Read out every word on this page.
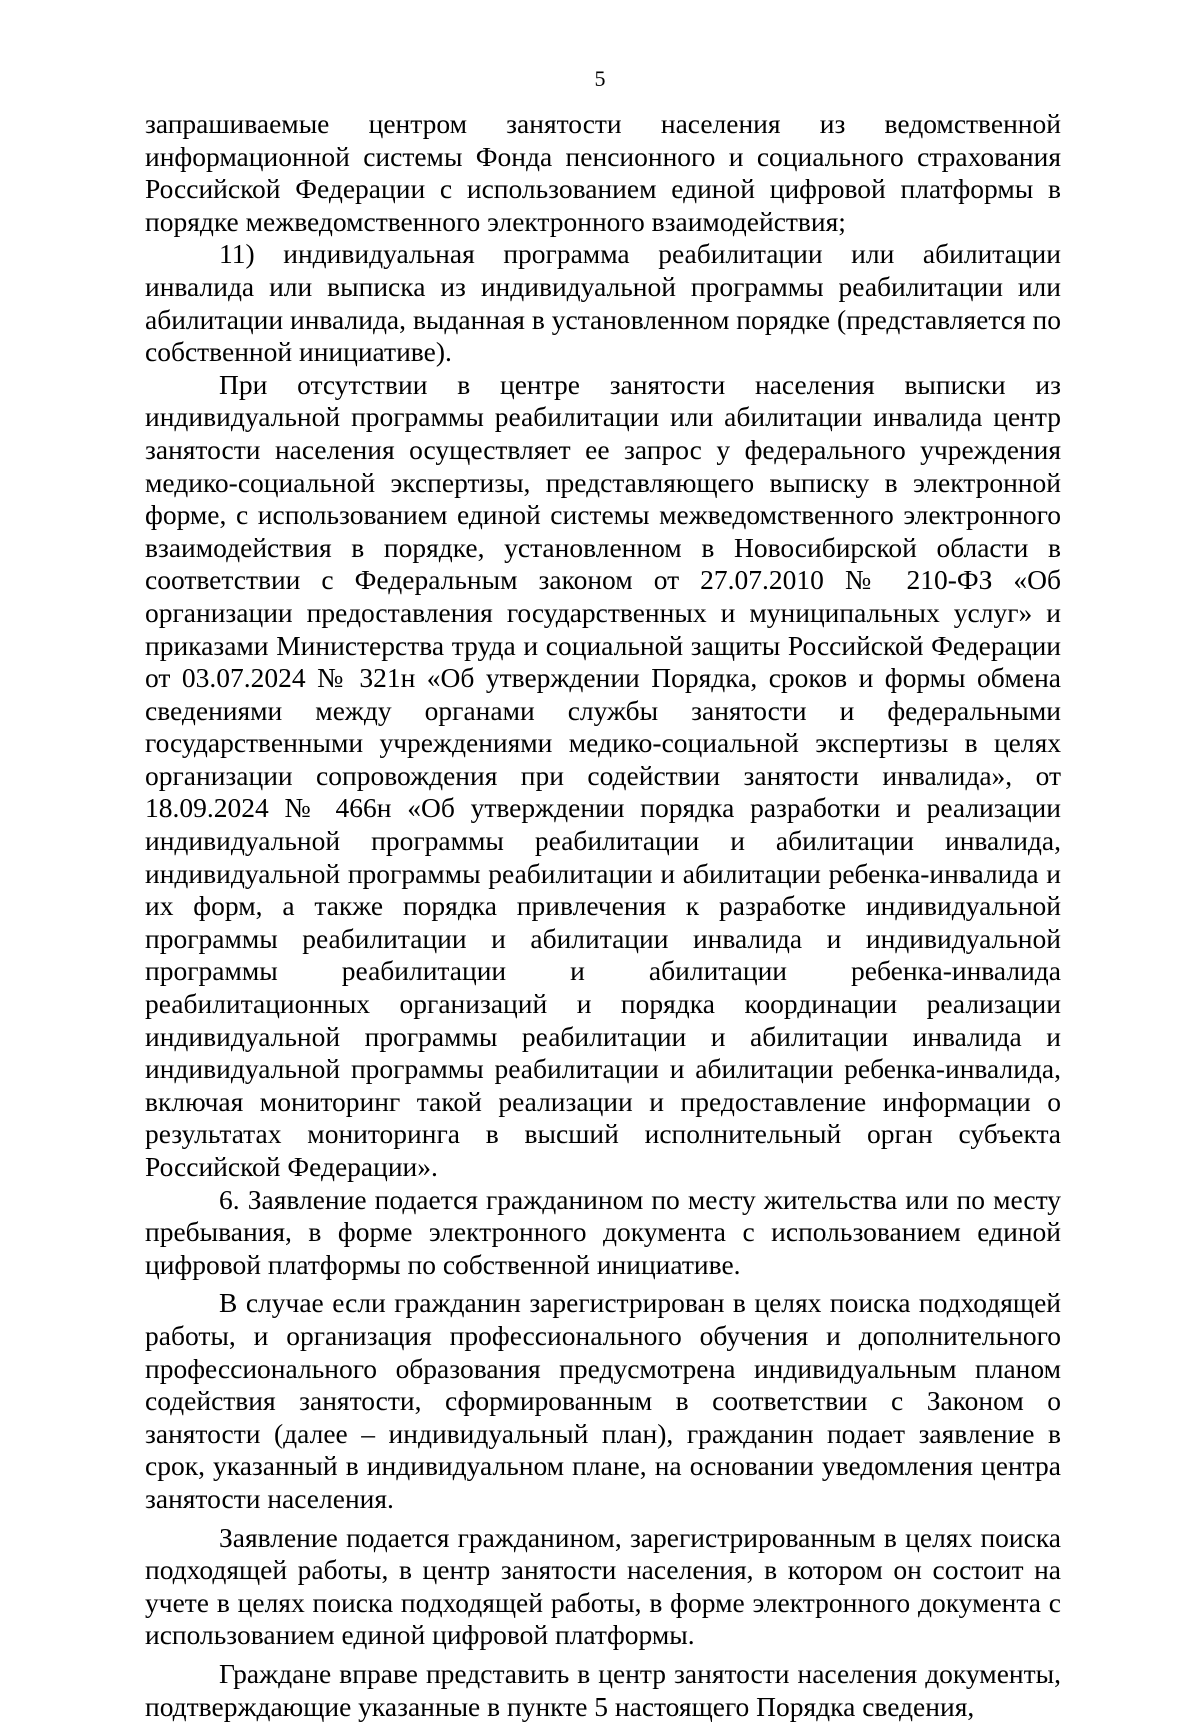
5

запрашиваемые центром занятости населения из ведомственной информационной системы Фонда пенсионного и социального страхования Российской Федерации с использованием единой цифровой платформы в порядке межведомственного электронного взаимодействия;

11) индивидуальная программа реабилитации или абилитации инвалида или выписка из индивидуальной программы реабилитации или абилитации инвалида, выданная в установленном порядке (представляется по собственной инициативе).

При отсутствии в центре занятости населения выписки из индивидуальной программы реабилитации или абилитации инвалида центр занятости населения осуществляет ее запрос у федерального учреждения медико-социальной экспертизы, представляющего выписку в электронной форме, с использованием единой системы межведомственного электронного взаимодействия в порядке, установленном в Новосибирской области в соответствии с Федеральным законом от 27.07.2010 № 210-ФЗ «Об организации предоставления государственных и муниципальных услуг» и приказами Министерства труда и социальной защиты Российской Федерации от 03.07.2024 № 321н «Об утверждении Порядка, сроков и формы обмена сведениями между органами службы занятости и федеральными государственными учреждениями медико-социальной экспертизы в целях организации сопровождения при содействии занятости инвалида», от 18.09.2024 № 466н «Об утверждении порядка разработки и реализации индивидуальной программы реабилитации и абилитации инвалида, индивидуальной программы реабилитации и абилитации ребенка-инвалида и их форм, а также порядка привлечения к разработке индивидуальной программы реабилитации и абилитации инвалида и индивидуальной программы реабилитации и абилитации ребенка-инвалида реабилитационных организаций и порядка координации реализации индивидуальной программы реабилитации и абилитации инвалида и индивидуальной программы реабилитации и абилитации ребенка-инвалида, включая мониторинг такой реализации и предоставление информации о результатах мониторинга в высший исполнительный орган субъекта Российской Федерации».

6. Заявление подается гражданином по месту жительства или по месту пребывания, в форме электронного документа с использованием единой цифровой платформы по собственной инициативе.

В случае если гражданин зарегистрирован в целях поиска подходящей работы, и организация профессионального обучения и дополнительного профессионального образования предусмотрена индивидуальным планом содействия занятости, сформированным в соответствии с Законом о занятости (далее – индивидуальный план), гражданин подает заявление в срок, указанный в индивидуальном плане, на основании уведомления центра занятости населения.

Заявление подается гражданином, зарегистрированным в целях поиска подходящей работы, в центр занятости населения, в котором он состоит на учете в целях поиска подходящей работы, в форме электронного документа с использованием единой цифровой платформы.

Граждане вправе представить в центр занятости населения документы, подтверждающие указанные в пункте 5 настоящего Порядка сведения,
